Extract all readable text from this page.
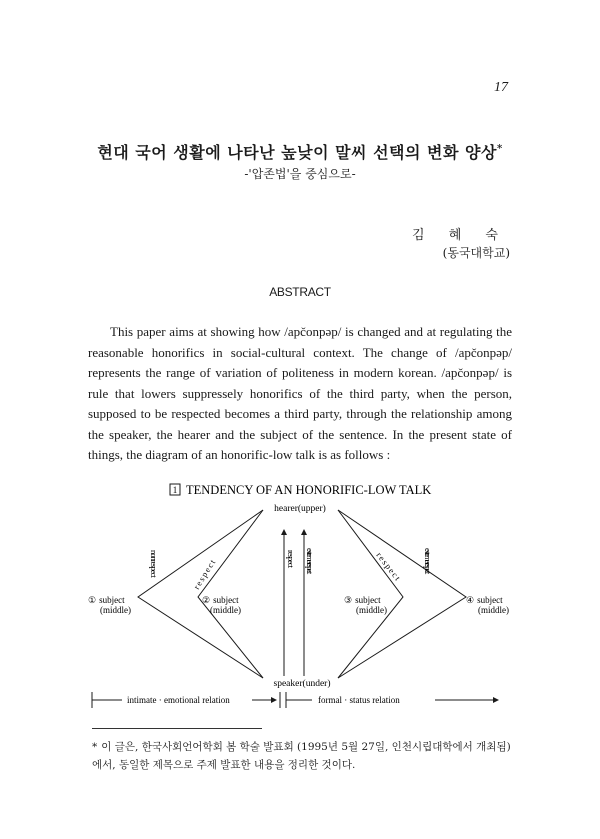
17
현대 국어 생활에 나타난 높낮이 말씨 선택의 변화 양상*
-'압존법'을 중심으로-
김 혜 숙
(동국대학교)
ABSTRACT
This paper aims at showing how /apčonpəp/ is changed and at regulating the reasonable honorifics in social-cultural context. The change of /apčonpəp/ represents the range of variation of politeness in modern korean. /apčonpəp/ is rule that lowers suppressely honorifics of the third party, when the person, supposed to be respected becomes a third party, through the relationship among the speaker, the hearer and the subject of the sentence. In the present state of things, the diagram of an honorific-low talk is as follows :
1 TENDENCY OF AN HONORIFIC-LOW TALK
hearer(upper)
speaker(under)
nonrespect	respect extreme-respect	extreme-respect
respect	respect
① subject
(middle)
② subject
(middle)
③ subject
(middle)
④ subject
(middle)
intimate · emotional relation	formal · status relation
* 이 글은, 한국사회언어학회 봄 학술 발표회 (1995년 5월 27일, 인천시립대학에서 개최됨)에서, 동일한 제목으로 주제 발표한 내용을 정리한 것이다.
